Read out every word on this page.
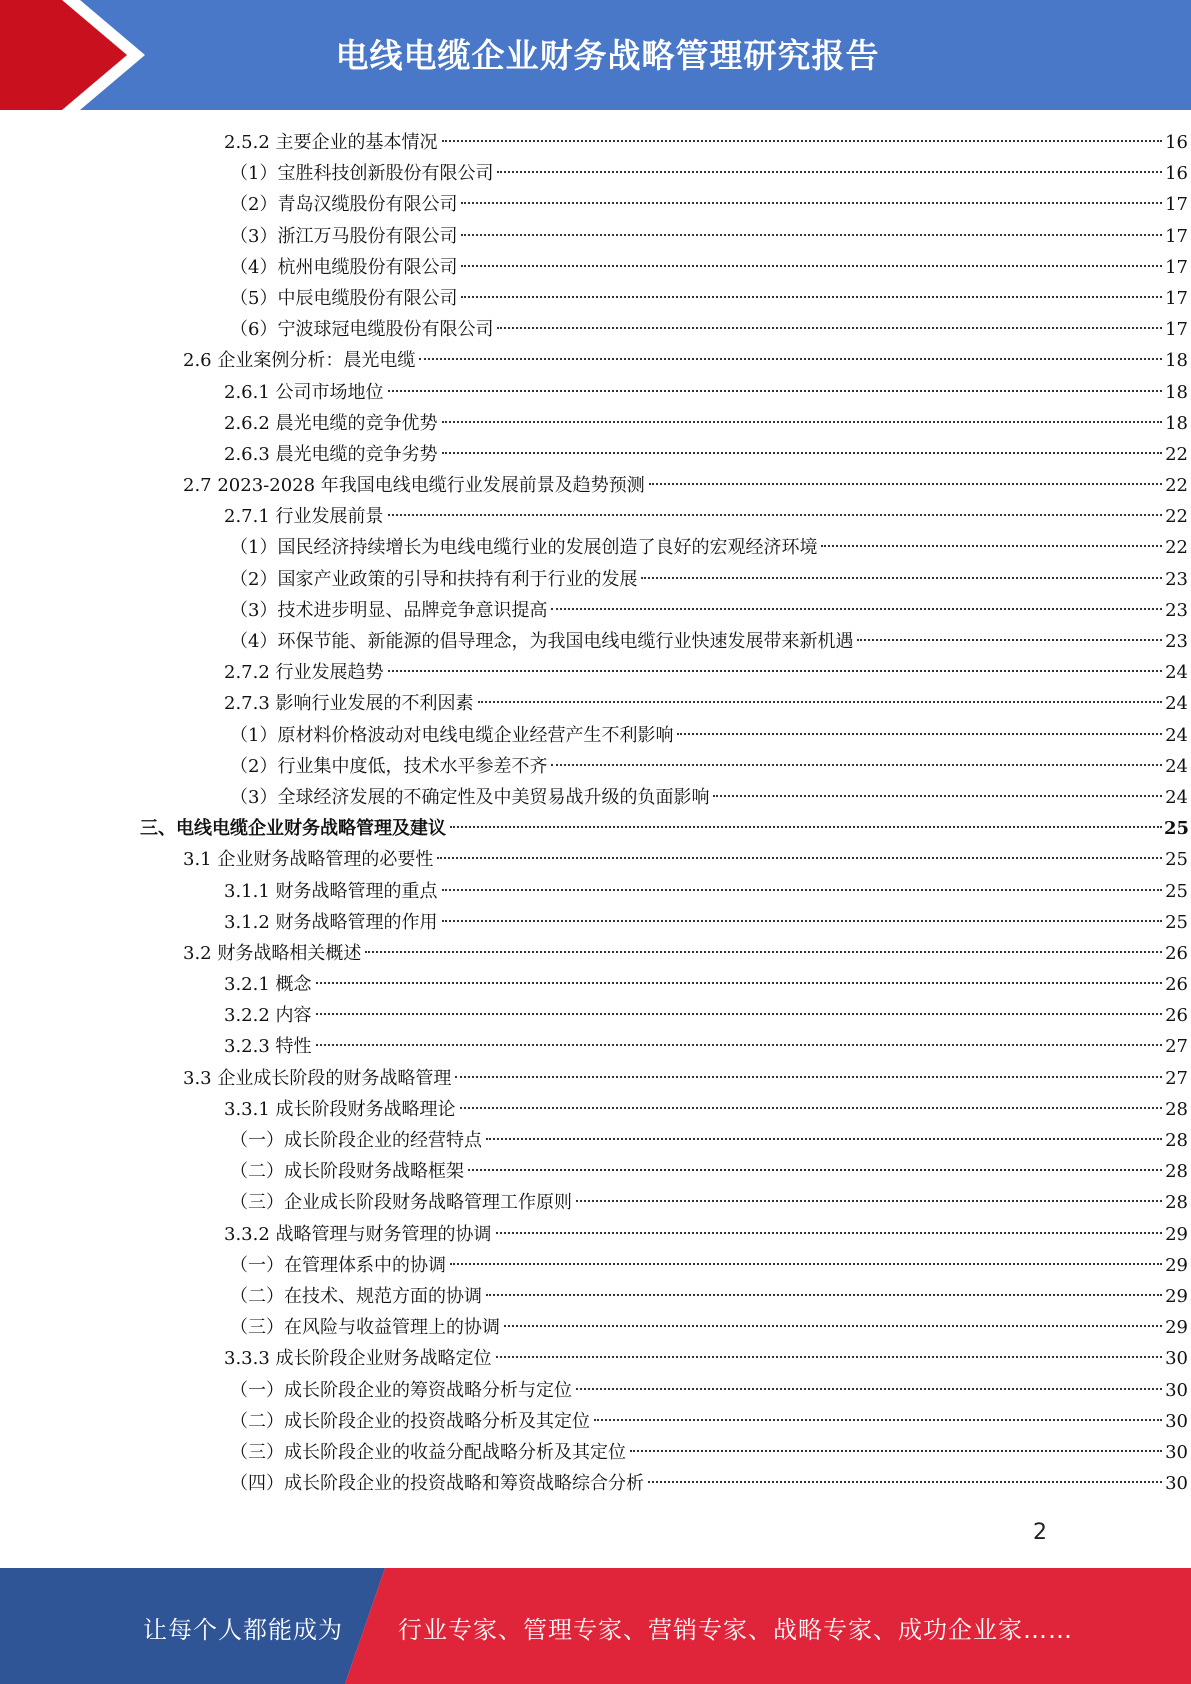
电线电缆企业财务战略管理研究报告
2.5.2 主要企业的基本情况	16
（1）宝胜科技创新股份有限公司	16
（2）青岛汉缆股份有限公司	17
（3）浙江万马股份有限公司	17
（4）杭州电缆股份有限公司	17
（5）中辰电缆股份有限公司	17
（6）宁波球冠电缆股份有限公司	17
2.6 企业案例分析：晨光电缆	18
2.6.1 公司市场地位	18
2.6.2 晨光电缆的竞争优势	18
2.6.3 晨光电缆的竞争劣势	22
2.7 2023-2028 年我国电线电缆行业发展前景及趋势预测	22
2.7.1 行业发展前景	22
（1）国民经济持续增长为电线电缆行业的发展创造了良好的宏观经济环境	22
（2）国家产业政策的引导和扶持有利于行业的发展	23
（3）技术进步明显、品牌竞争意识提高	23
（4）环保节能、新能源的倡导理念，为我国电线电缆行业快速发展带来新机遇	23
2.7.2 行业发展趋势	24
2.7.3 影响行业发展的不利因素	24
（1）原材料价格波动对电线电缆企业经营产生不利影响	24
（2）行业集中度低，技术水平参差不齐	24
（3）全球经济发展的不确定性及中美贸易战升级的负面影响	24
三、电线电缆企业财务战略管理及建议	25
3.1 企业财务战略管理的必要性	25
3.1.1 财务战略管理的重点	25
3.1.2 财务战略管理的作用	25
3.2 财务战略相关概述	26
3.2.1 概念	26
3.2.2 内容	26
3.2.3 特性	27
3.3 企业成长阶段的财务战略管理	27
3.3.1 成长阶段财务战略理论	28
（一）成长阶段企业的经营特点	28
（二）成长阶段财务战略框架	28
（三）企业成长阶段财务战略管理工作原则	28
3.3.2 战略管理与财务管理的协调	29
（一）在管理体系中的协调	29
（二）在技术、规范方面的协调	29
（三）在风险与收益管理上的协调	29
3.3.3 成长阶段企业财务战略定位	30
（一）成长阶段企业的筹资战略分析与定位	30
（二）成长阶段企业的投资战略分析及其定位	30
（三）成长阶段企业的收益分配战略分析及其定位	30
（四）成长阶段企业的投资战略和筹资战略综合分析	30
2
让每个人都能成为 行业专家、管理专家、营销专家、战略专家、成功企业家……
